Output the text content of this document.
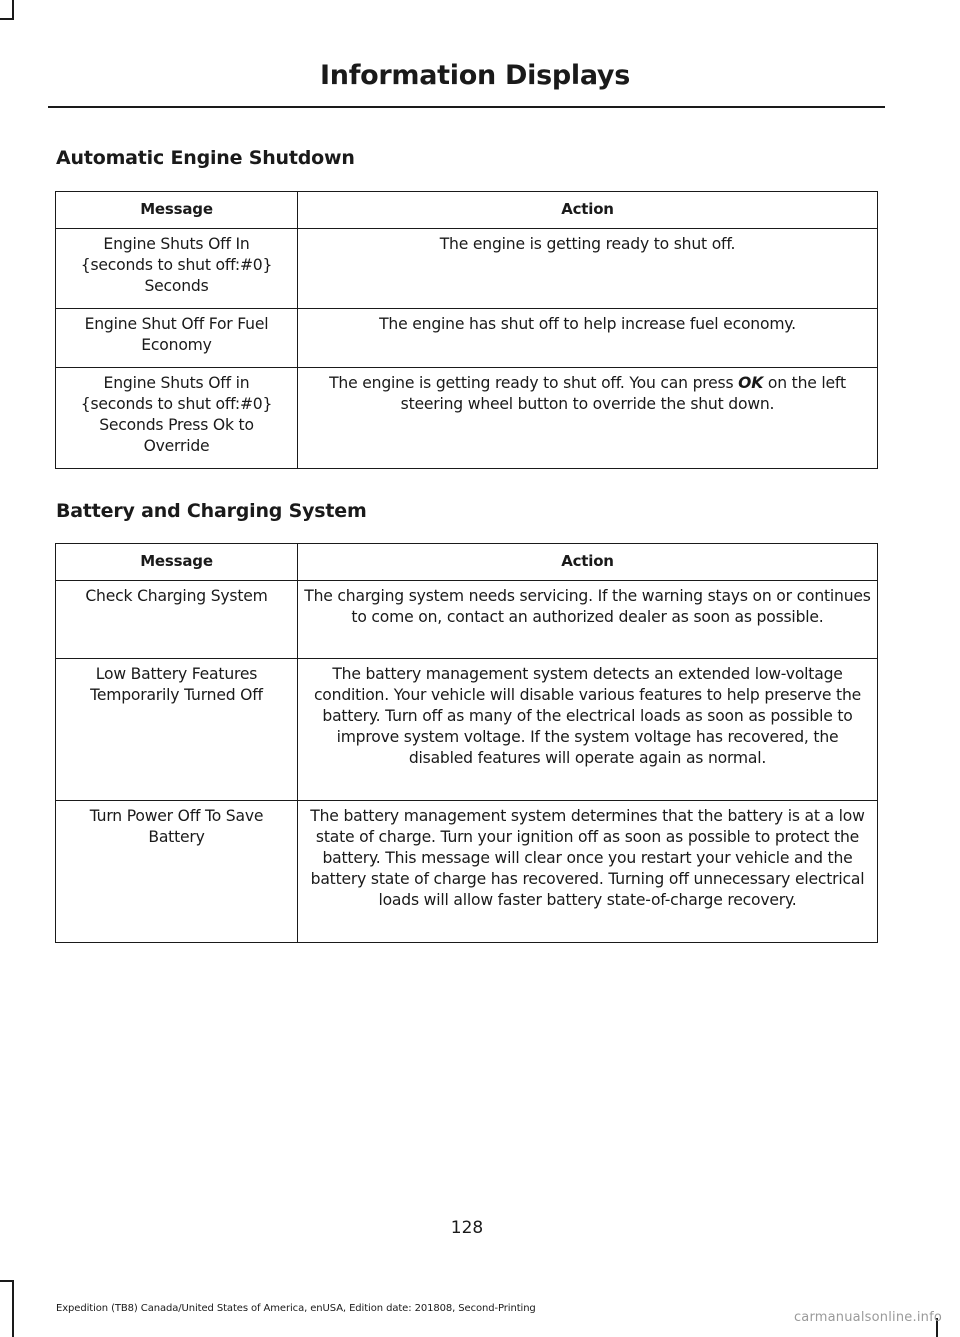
Information Displays
Automatic Engine Shutdown
Message	Action
Engine Shuts Off In {seconds to shut off:#0} Seconds	The engine is getting ready to shut off.
Engine Shut Off For Fuel Economy	The engine has shut off to help increase fuel economy.
Engine Shuts Off in {seconds to shut off:#0} Seconds Press Ok to Override	The engine is getting ready to shut off. You can press OK on the left steering wheel button to override the shut down.
Battery and Charging System
Message	Action
Check Charging System	The charging system needs servicing. If the warning stays on or continues to come on, contact an authorized dealer as soon as possible.
Low Battery Features Temporarily Turned Off	The battery management system detects an extended low-voltage condition. Your vehicle will disable various features to help preserve the battery. Turn off as many of the electrical loads as soon as possible to improve system voltage. If the system voltage has recovered, the disabled features will operate again as normal.
Turn Power Off To Save Battery	The battery management system determines that the battery is at a low state of charge. Turn your ignition off as soon as possible to protect the battery. This message will clear once you restart your vehicle and the battery state of charge has recovered. Turning off unnecessary electrical loads will allow faster battery state-of-charge recovery.
128
Expedition (TB8) Canada/United States of America, enUSA, Edition date: 201808, Second-Printing
carmanualsonline.info
